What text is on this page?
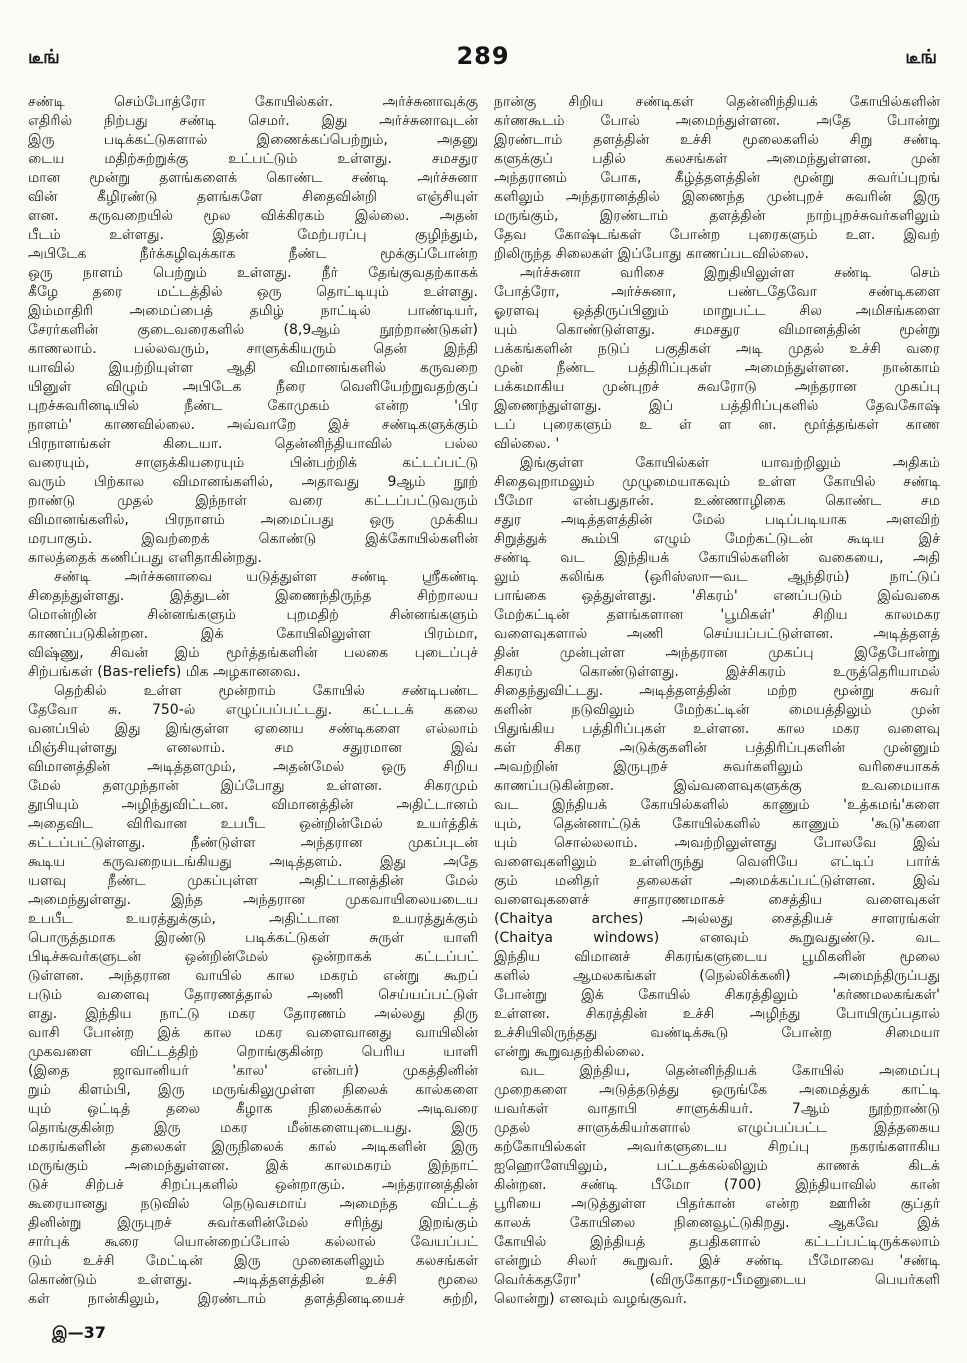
டீங்	289	டீங்
சண்டி செம்போத்ரோ கோயில்கள். அர்ச்சுனாவுக்கு
எதிரில் நிற்பது சண்டி செமர். இது அர்ச்சுனாவுடன்
இரு படிக்கட்டுகளால் இணைக்கப்பெற்றும், அதனு
டைய மதிற்சுற்றுக்கு உட்பட்டும் உள்ளது. சமசதுர
மான மூன்று தளங்களைக் கொண்ட சண்டி அர்ச்சுனா
வின் கீழிரண்டு தளங்களே சிதைவின்றி எஞ்சியுள்
ளன. கருவறையில் மூல விக்கிரகம் இல்லை. அதன்
பீடம் உள்ளது. இதன் மேற்பரப்பு குழிந்தும்,
அபிடேக நீர்க்கழிவுக்காக நீண்ட மூக்குப்போன்ற
ஒரு நாளம் பெற்றும் உள்ளது. நீர் தேங்குவதற்காகக்
கீழே தரை மட்டத்தில் ஒரு தொட்டியும் உள்ளது.
இம்மாதிரி அமைப்பைத் தமிழ் நாட்டில் பாண்டியர்,
சேரர்களின் குடைவரைகளில் (8,9ஆம் நூற்றாண்டுகள்)
காணலாம். பல்லவரும், சாளுக்கியரும் தென் இந்தி
யாவில் இயற்றியுள்ள ஆதி விமானங்களில் கருவறை
யினுள் விழும் அபிடேக நீரை வெளியேற்றுவதற்குப்
புறச்சுவரினடியில் நீண்ட கோமுகம் என்ற 'பிர
நாளம்' காணவில்லை. அவ்வாறே இச் சண்டிகளுக்கும்
பிரநாளங்கள் கிடையா. தென்னிந்தியாவில் பல்ல
வரையும், சாளுக்கியரையும் பின்பற்றிக் கட்டப்பட்டு
வரும் பிற்கால விமானங்களில், அதாவது 9ஆம் நூற்
றாண்டு முதல் இந்நாள் வரை கட்டப்பட்டுவரும்
விமானங்களில், பிரநாளம் அமைப்பது ஒரு முக்கிய
மரபாகும். இவற்றைக் கொண்டு இக்கோயில்களின்
காலத்தைக் கணிப்பது எளிதாகின்றது.
சண்டி அர்ச்சுனாவை யடுத்துள்ள சண்டி ஸ்ரீகண்டி
சிதைந்துள்ளது. இத்துடன் இணைந்திருந்த சிற்றாலய
மொன்றின் சின்னங்களும் புறமதிற் சின்னங்களும்
காணப்படுகின்றன. இக் கோயிலிலுள்ள பிரம்மா,
விஷ்ணு, சிவன் இம் மூர்த்தங்களின் பலகை புடைப்புச்
சிற்பங்கள் (Bas-reliefs) மிக அழகானவை.
தெற்கில் உள்ள மூன்றாம் கோயில் சண்டிபண்ட
தேவோ சு. 750-ல் எழுப்பப்பட்டது. கட்டடக் கலை
வனப்பில் இது இங்குள்ள ஏனைய சண்டிகளை எல்லாம்
மிஞ்சியுள்ளது எனலாம். சம சதுரமான இவ்
விமானத்தின் அடித்தளமும், அதன்மேல் ஒரு சிறிய
மேல் தளமுந்தான் இப்போது உள்ளன. சிகரமும்
தூபியும் அழிந்துவிட்டன. விமானத்தின் அதிட்டானம்
அதைவிட விரிவான உபபீட ஒன்றின்மேல் உயர்த்திக்
கட்டப்பட்டுள்ளது. நீண்டுள்ள அந்தரான முகப்புடன்
கூடிய கருவறையடங்கியது அடித்தளம். இது அதே
யளவு நீண்ட முகப்புள்ள அதிட்டானத்தின் மேல்
அமைந்துள்ளது. இந்த அந்தரான முகவாயிலையடைய
உபபீட உயரத்துக்கும், அதிட்டான உயரத்துக்கும்
பொருத்தமாக இரண்டு படிக்கட்டுகள் சுருள் யாளி
பிடிச்சுவர்களுடன் ஒன்றின்மேல் ஒன்றாகக் கட்டப்பட்
டுள்ளன. அந்தரான வாயில் கால மகரம் என்று கூறப்
படும் வளைவு தோரணத்தால் அணி செய்யப்பட்டுள்
ளது. இந்திய நாட்டு மகர தோரணம் அல்லது திரு
வாசி போன்ற இக் கால மகர வளைவானது வாயிலின்
முகவளை விட்டத்திற் றொங்குகின்ற பெரிய யாளி
(இதை ஜாவானியர் 'கால' என்பர்) முகத்தினின்
றும் கிளம்பி, இரு மருங்கிலுமுள்ள நிலைக் கால்களை
யும் ஒட்டித் தலை கீழாக நிலைக்கால் அடிவரை
தொங்குகின்ற இரு மகர மீன்களையுடையது. இரு
மகரங்களின் தலைகள் இருநிலைக் கால் அடிகளின் இரு
மருங்கும் அமைந்துள்ளன. இக் காலமகரம் இந்நாட்
டுச் சிற்பச் சிறப்புகளில் ஒன்றாகும். அந்தரானத்தின்
கூரையானது நடுவில் நெடுவசமாய் அமைந்த விட்டத்
தினின்று இருபுறச் சுவர்களின்மேல் சரிந்து இறங்கும்
சார்புக் கூரை யொன்றைப்போல் கல்லால் வேயப்பட்
டும் உச்சி மேட்டின் இரு முனைகளிலும் கலசங்கள்
கொண்டும் உள்ளது. அடித்தளத்தின் உச்சி மூலை
கள் நான்கிலும், இரண்டாம் தளத்தினடியைச் சுற்றி,
நான்கு சிறிய சண்டிகள் தென்னிந்தியக் கோயில்களின்
கர்ணகூடம் போல் அமைந்துள்ளன. அதே போன்று
இரண்டாம் தளத்தின் உச்சி மூலைகளில் சிறு சண்டி
களுக்குப் பதில் கலசங்கள் அமைந்துள்ளன. முன்
அந்தரானம் போக, கீழ்த்தளத்தின் மூன்று சுவர்ப்புறங்
களிலும் அந்தரானத்தில் இணைந்த முன்புறச் சுவரின் இரு
மருங்கும், இரண்டாம் தளத்தின் நாற்புறச்சுவர்களிலும்
தேவ கோஷ்டங்கள் போன்ற புரைகளும் உள. இவற்
றிலிருந்த சிலைகள் இப்போது காணப்படவில்லை.
அர்ச்சுனா வரிசை இறுதியிலுள்ள சண்டி செம்
போத்ரோ, அர்ச்சுனா, பண்டதேவோ சண்டிகளை
ஓரளவு ஒத்திருப்பினும் மாறுபட்ட சில அமிசங்களை
யும் கொண்டுள்ளது. சமசதுர விமானத்தின் மூன்று
பக்கங்களின் நடுப் பகுதிகள் அடி முதல் உச்சி வரை
முன் நீண்ட பத்திரிப்புகள் அமைந்துள்ளன. நான்காம்
பக்கமாகிய முன்புறச் சுவரோடு அந்தரான முகப்பு
இணைந்துள்ளது. இப் பத்திரிப்புகளில் தேவகோஷ்
டப் புரைகளும் உ ள் ள ன. மூர்த்தங்கள் காண
வில்லை. '
இங்குள்ள கோயில்கள் யாவற்றிலும் அதிகம்
சிதைவுறாமலும் முழுமையாகவும் உள்ள கோயில் சண்டி
பீமோ என்பதுதான். உண்ணாழிகை கொண்ட சம
சதுர அடித்தளத்தின் மேல் படிப்படியாக அளவிற்
சிறுத்துக் கூம்பி எழும் மேற்கட்டுடன் கூடிய இச்
சண்டி வட இந்தியக் கோயில்களின் வகையை, அதி
லும் கலிங்க (ஒரிஸ்ஸா—வட ஆந்திரம்) நாட்டுப்
பாங்கை ஒத்துள்ளது. 'சிகரம்' எனப்படும் இவ்வகை
மேற்கட்டின் தளங்களான 'பூமிகள்' சிறிய காலமகர
வளைவுகளால் அணி செய்யப்பட்டுள்ளன. அடித்தளத்
தின் முன்புள்ள அந்தரான முகப்பு இதேபோன்று
சிகரம் கொண்டுள்ளது. இச்சிகரம் உருத்தெரியாமல்
சிதைந்துவிட்டது. அடித்தளத்தின் மற்ற மூன்று சுவர்
களின் நடுவிலும் மேற்கட்டின் மையத்திலும் முன்
பிதுங்கிய பத்திரிப்புகள் உள்ளன. கால மகர வளைவு
கள் சிகர அடுக்குகளின் பத்திரிப்புகளின் முன்னும்
அவற்றின் இருபுறச் சுவர்களிலும் வரிசையாகக்
காணப்படுகின்றன. இவ்வளைவுகளுக்கு உவமையாக
வட இந்தியக் கோயில்களில் காணும் 'உத்கமங்'களை
யும், தென்னாட்டுக் கோயில்களில் காணும் 'கூடு'களை
யும் சொல்லலாம். அவற்றிலுள்ளது போலவே இவ்
வளைவுகளிலும் உள்ளிருந்து வெளியே எட்டிப் பார்க்
கும் மனிதர் தலைகள் அமைக்கப்பட்டுள்ளன. இவ்
வளைவுகளைச் சாதாரணமாகச் சைத்திய வளைவுகள்
(Chaitya arches) அல்லது சைத்தியச் சாளரங்கள்
(Chaitya windows) எனவும் கூறுவதுண்டு. வட
இந்திய விமானச் சிகரங்களுடைய பூமிகளின் மூலை
களில் ஆமலகங்கள் (நெல்லிக்கனி) அமைந்திருப்பது
போன்று இக் கோயில் சிகரத்திலும் 'கர்ணமலகங்கள்'
உள்ளன. சிகரத்தின் உச்சி அழிந்து போயிருப்பதால்
உச்சியிலிருந்தது வண்டிக்கூடு போன்ற சிமையா
என்று கூறுவதற்கில்லை.
வட இந்திய, தென்னிந்தியக் கோயில் அமைப்பு
முறைகளை அடுத்தடுத்து ஒருங்கே அமைத்துக் காட்டி
யவர்கள் வாதாபி சாளுக்கியர். 7ஆம் நூற்றாண்டு
முதல் சாளுக்கியர்களால் எழுப்பப்பட்ட இத்தகைய
கற்கோயில்கள் அவர்களுடைய சிறப்பு நகரங்களாகிய
ஐஹொளேயிலும், பட்டதக்கல்லிலும் காணக் கிடக்
கின்றன. சண்டி பீமோ (700) இந்தியாவில் கான்
பூரியை அடுத்துள்ள பிதர்கான் என்ற ஊரின் குப்தர்
காலக் கோயிலை நினைவூட்டுகிறது. ஆகவே இக்
கோயில் இந்தியத் தபதிகளால் கட்டப்பட்டிருக்கலாம்
என்றும் சிலர் கூறுவர். இச் சண்டி பீமோவை 'சண்டி
வெர்க்கதரோ' (விருகோதர-பீமனுடைய பெயர்களி
லொன்று) எனவும் வழங்குவர்.
இ—37
